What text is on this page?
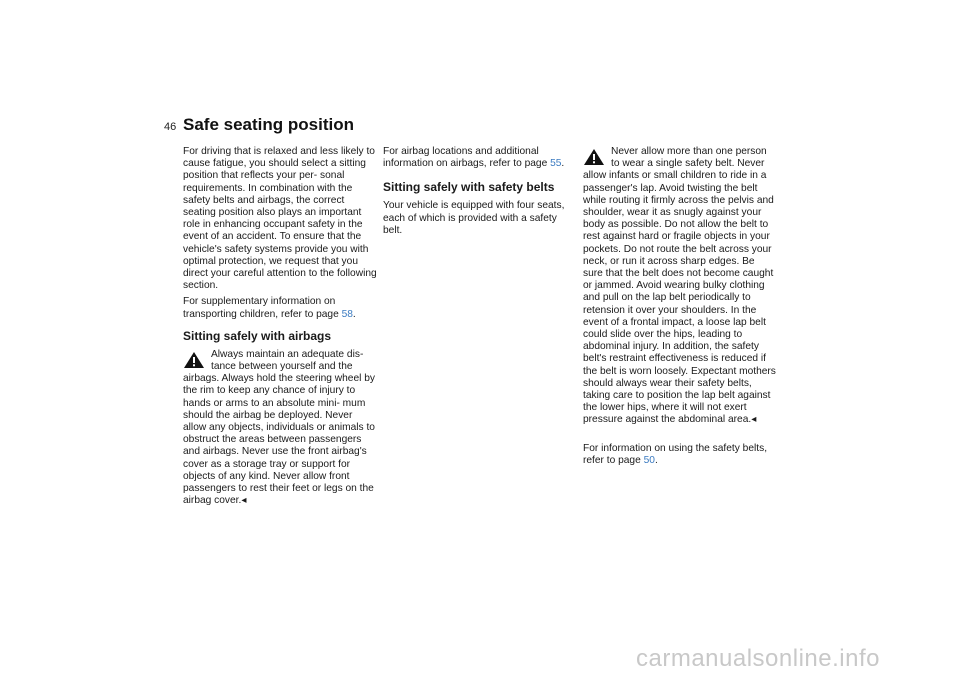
46 Safe seating position

For driving that is relaxed and less likely to cause fatigue, you should select a sitting position that reflects your per- sonal requirements. In combination with the safety belts and airbags, the correct seating position also plays an important role in enhancing occupant safety in the event of an accident. To ensure that the vehicle's safety systems provide you with optimal protection, we request that you direct your careful attention to the following section.

For supplementary information on transporting children, refer to page 58.

Sitting safely with airbags

Always maintain an adequate dis- tance between yourself and the airbags. Always hold the steering wheel by the rim to keep any chance of injury to hands or arms to an absolute mini- mum should the airbag be deployed. Never allow any objects, individuals or animals to obstruct the areas between passengers and airbags. Never use the front airbag's cover as a storage tray or support for objects of any kind. Never allow front passengers to rest their feet or legs on the airbag cover.◂

For airbag locations and additional information on airbags, refer to page 55.

Sitting safely with safety belts

Your vehicle is equipped with four seats, each of which is provided with a safety belt.

Never allow more than one person to wear a single safety belt. Never allow infants or small children to ride in a passenger's lap. Avoid twisting the belt while routing it firmly across the pelvis and shoulder, wear it as snugly against your body as possible. Do not allow the belt to rest against hard or fragile objects in your pockets. Do not route the belt across your neck, or run it across sharp edges. Be sure that the belt does not become caught or jammed. Avoid wearing bulky clothing and pull on the lap belt periodically to retension it over your shoulders. In the event of a frontal impact, a loose lap belt could slide over the hips, leading to abdominal injury. In addition, the safety belt's restraint effectiveness is reduced if the belt is worn loosely. Expectant mothers should always wear their safety belts, taking care to position the lap belt against the lower hips, where it will not exert pressure against the abdominal area.◂

For information on using the safety belts, refer to page 50.

carmanualsonline.info
